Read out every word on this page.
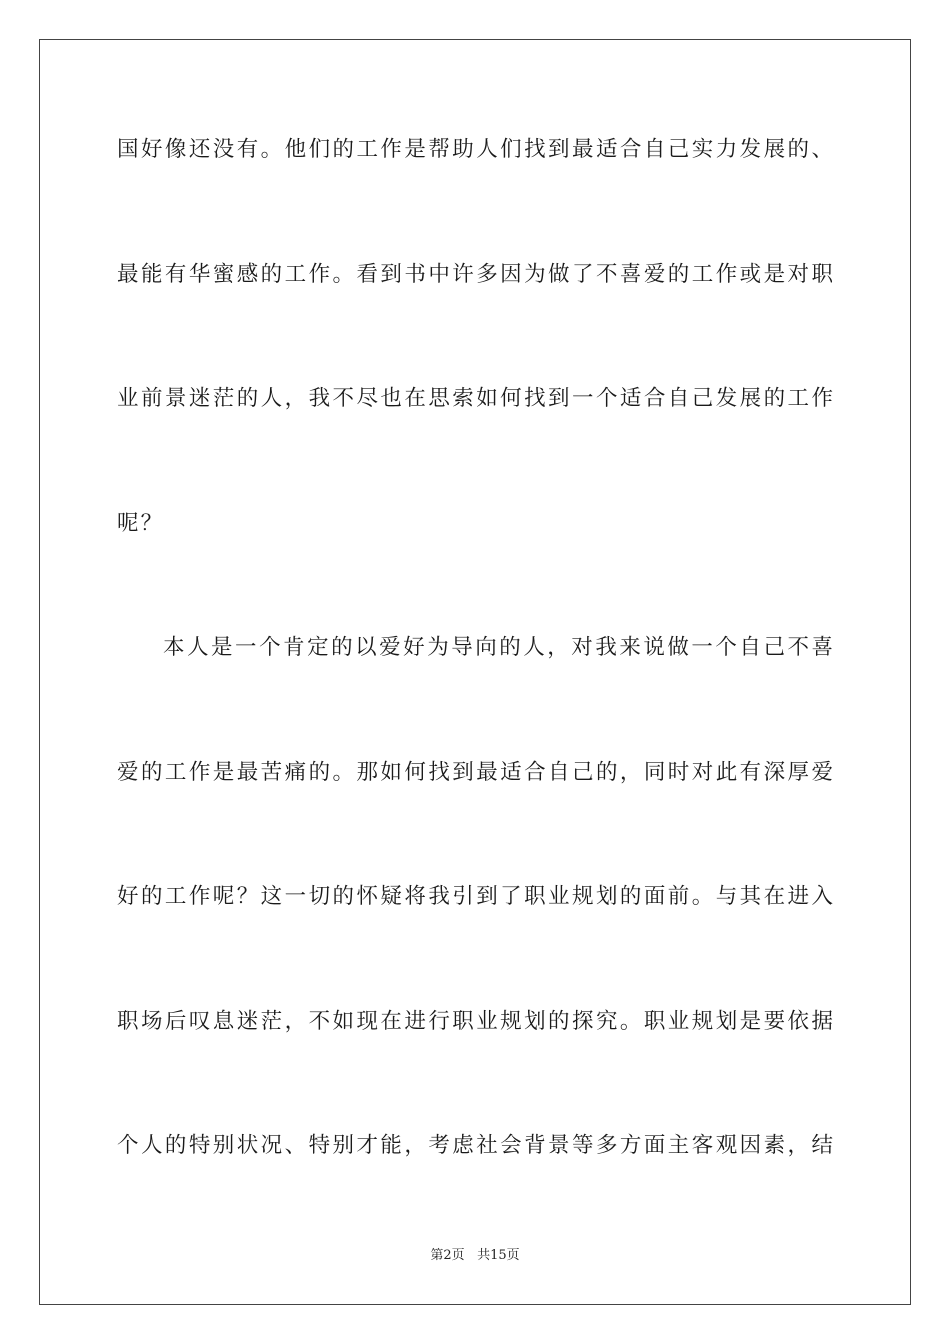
国好像还没有。他们的工作是帮助人们找到最适合自己实力发展的、
最能有华蜜感的工作。看到书中许多因为做了不喜爱的工作或是对职
业前景迷茫的人，我不尽也在思索如何找到一个适合自己发展的工作
呢？
本人是一个肯定的以爱好为导向的人，对我来说做一个自己不喜
爱的工作是最苦痛的。那如何找到最适合自己的，同时对此有深厚爱
好的工作呢？这一切的怀疑将我引到了职业规划的面前。与其在进入
职场后叹息迷茫，不如现在进行职业规划的探究。职业规划是要依据
个人的特别状况、特别才能，考虑社会背景等多方面主客观因素，结
第2页 共15页
